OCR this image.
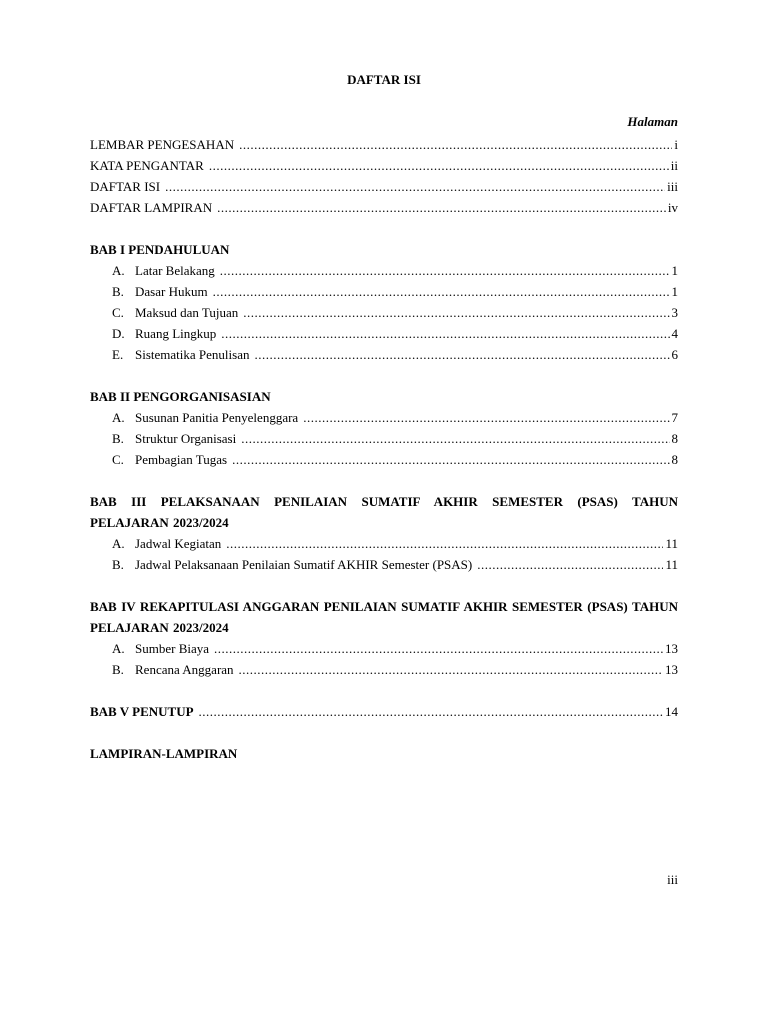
DAFTAR ISI
Halaman
LEMBAR PENGESAHAN .....	i
KATA PENGANTAR .....	ii
DAFTAR ISI .....	iii
DAFTAR LAMPIRAN .....	iv
BAB I PENDAHULUAN
A. Latar Belakang .....	1
B. Dasar Hukum .....	1
C. Maksud dan Tujuan .....	3
D. Ruang Lingkup .....	4
E. Sistematika Penulisan .....	6
BAB II PENGORGANISASIAN
A. Susunan Panitia Penyelenggara .....	7
B. Struktur Organisasi .....	8
C. Pembagian Tugas .....	8
BAB III PELAKSANAAN PENILAIAN SUMATIF AKHIR SEMESTER (PSAS) TAHUN PELAJARAN 2023/2024
A. Jadwal Kegiatan .....	11
B. Jadwal Pelaksanaan Penilaian Sumatif AKHIR Semester (PSAS) .....	11
BAB IV REKAPITULASI ANGGARAN PENILAIAN SUMATIF AKHIR SEMESTER (PSAS) TAHUN PELAJARAN 2023/2024
A. Sumber Biaya .....	13
B. Rencana Anggaran .....	13
BAB V PENUTUP .....	14
LAMPIRAN-LAMPIRAN
iii
